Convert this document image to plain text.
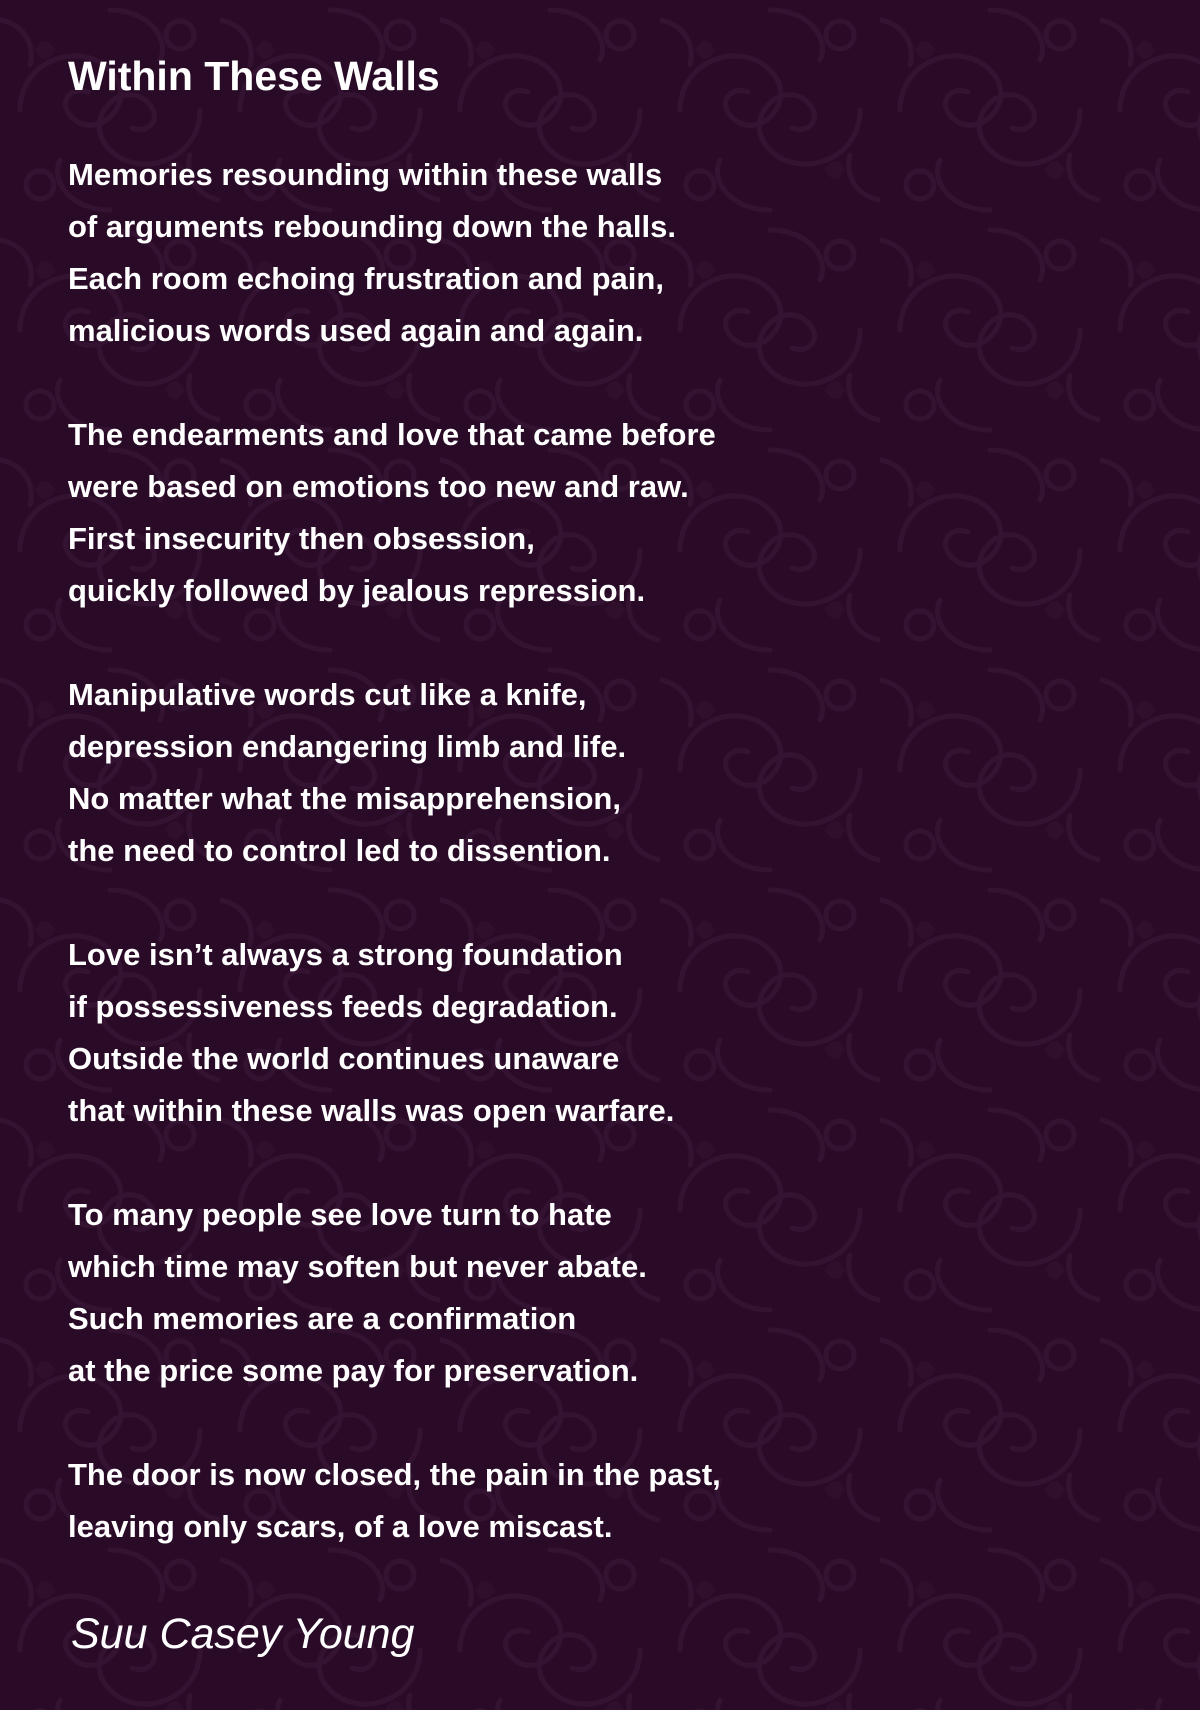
Within These Walls
Memories resounding within these walls
of arguments rebounding down the halls.
Each room echoing frustration and pain,
malicious words used again and again.
The endearments and love that came before
were based on emotions too new and raw.
First insecurity then obsession,
quickly followed by jealous repression.
Manipulative words cut like a knife,
depression endangering limb and life.
No matter what the misapprehension,
the need to control led to dissention.
Love isn’t always a strong foundation
if possessiveness feeds degradation.
Outside the world continues unaware
that within these walls was open warfare.
To many people see love turn to hate
which time may soften but never abate.
Such memories are a confirmation
at the price some pay for preservation.
The door is now closed, the pain in the past,
leaving only scars, of a love miscast.

Suu Casey Young
